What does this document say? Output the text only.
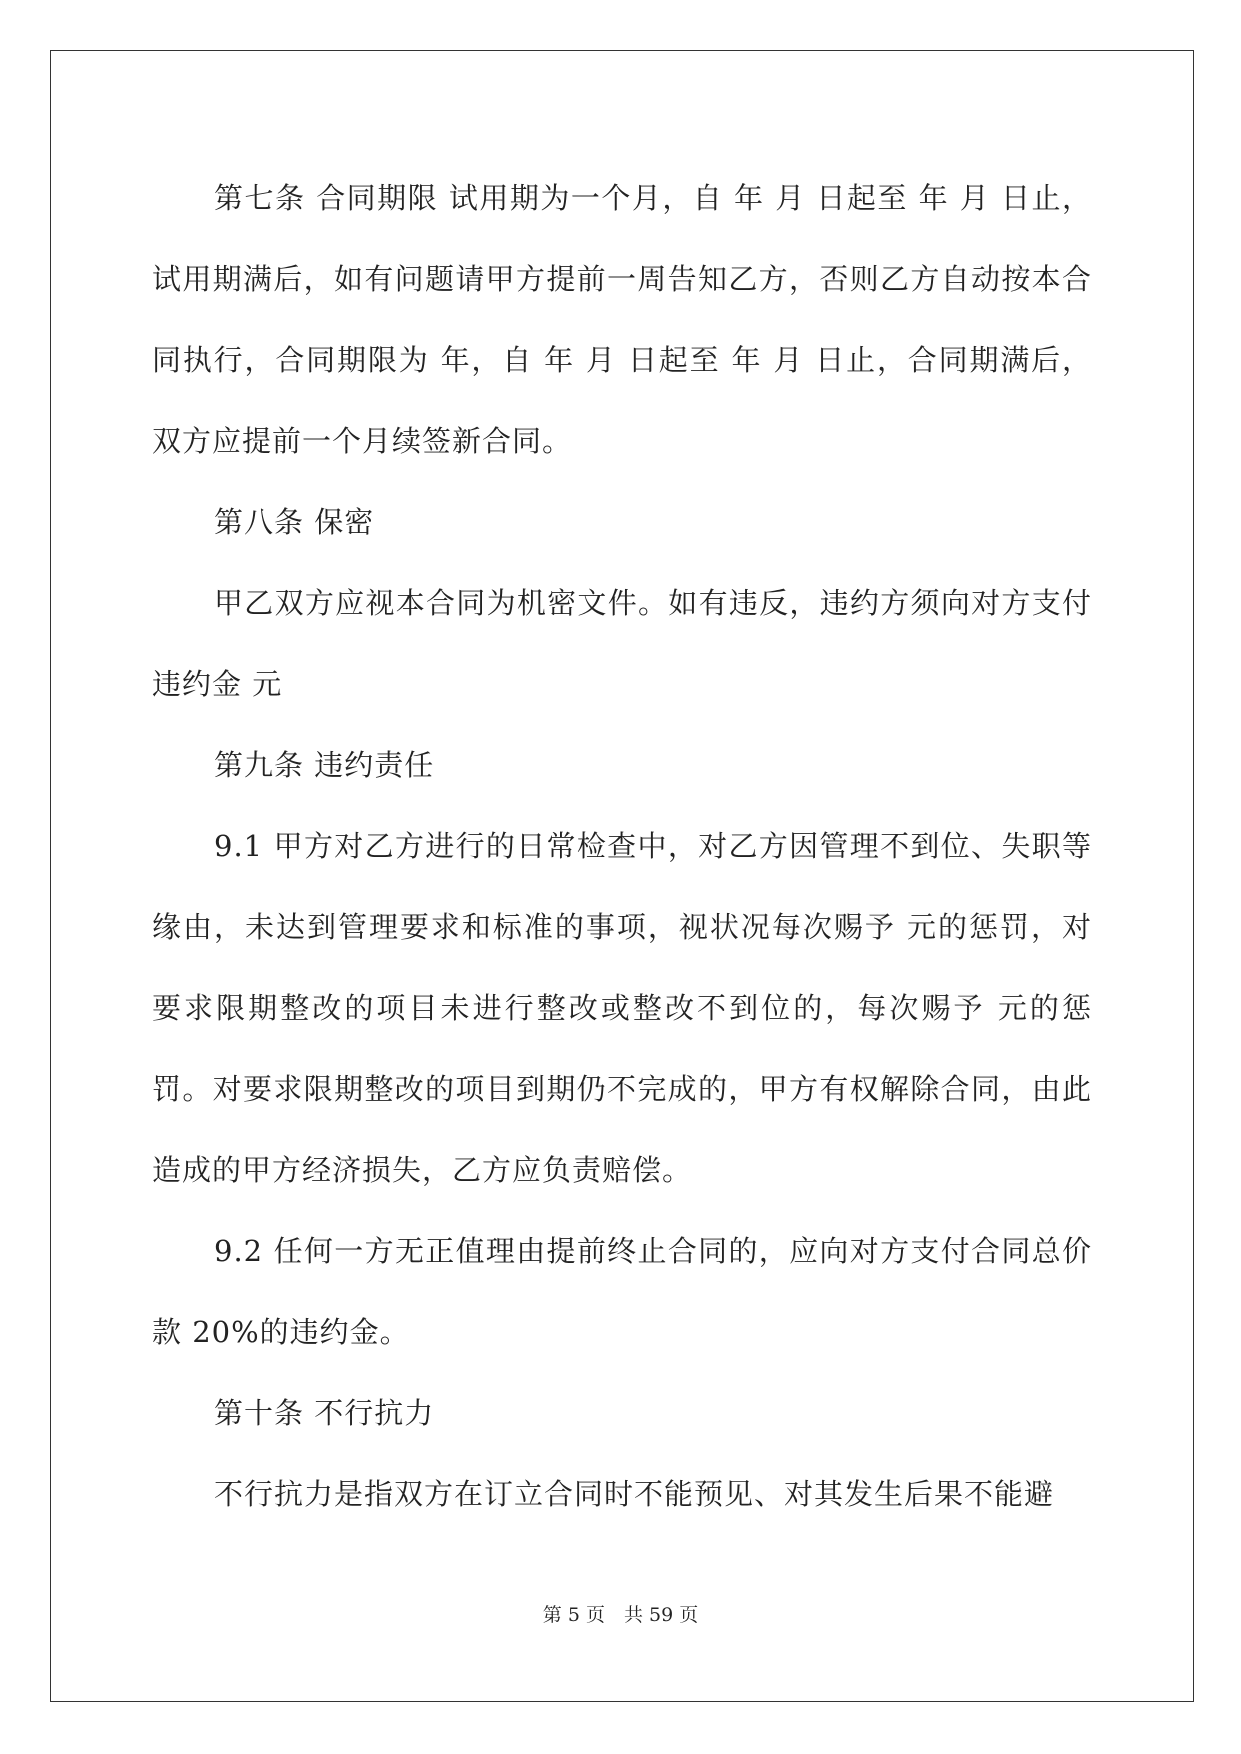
第七条 合同期限 试用期为一个月，自 年 月 日起至 年 月 日止，试用期满后，如有问题请甲方提前一周告知乙方，否则乙方自动按本合同执行，合同期限为 年，自 年 月 日起至 年 月 日止，合同期满后，双方应提前一个月续签新合同。

第八条 保密

甲乙双方应视本合同为机密文件。如有违反，违约方须向对方支付违约金 元

第九条 违约责任

9.1 甲方对乙方进行的日常检查中，对乙方因管理不到位、失职等缘由，未达到管理要求和标准的事项，视状况每次赐予 元的惩罚，对要求限期整改的项目未进行整改或整改不到位的，每次赐予 元的惩罚。对要求限期整改的项目到期仍不完成的，甲方有权解除合同，由此造成的甲方经济损失，乙方应负责赔偿。

9.2 任何一方无正值理由提前终止合同的，应向对方支付合同总价款 20%的违约金。

第十条 不行抗力

不行抗力是指双方在订立合同时不能预见、对其发生后果不能避

第 5 页　共 59 页
